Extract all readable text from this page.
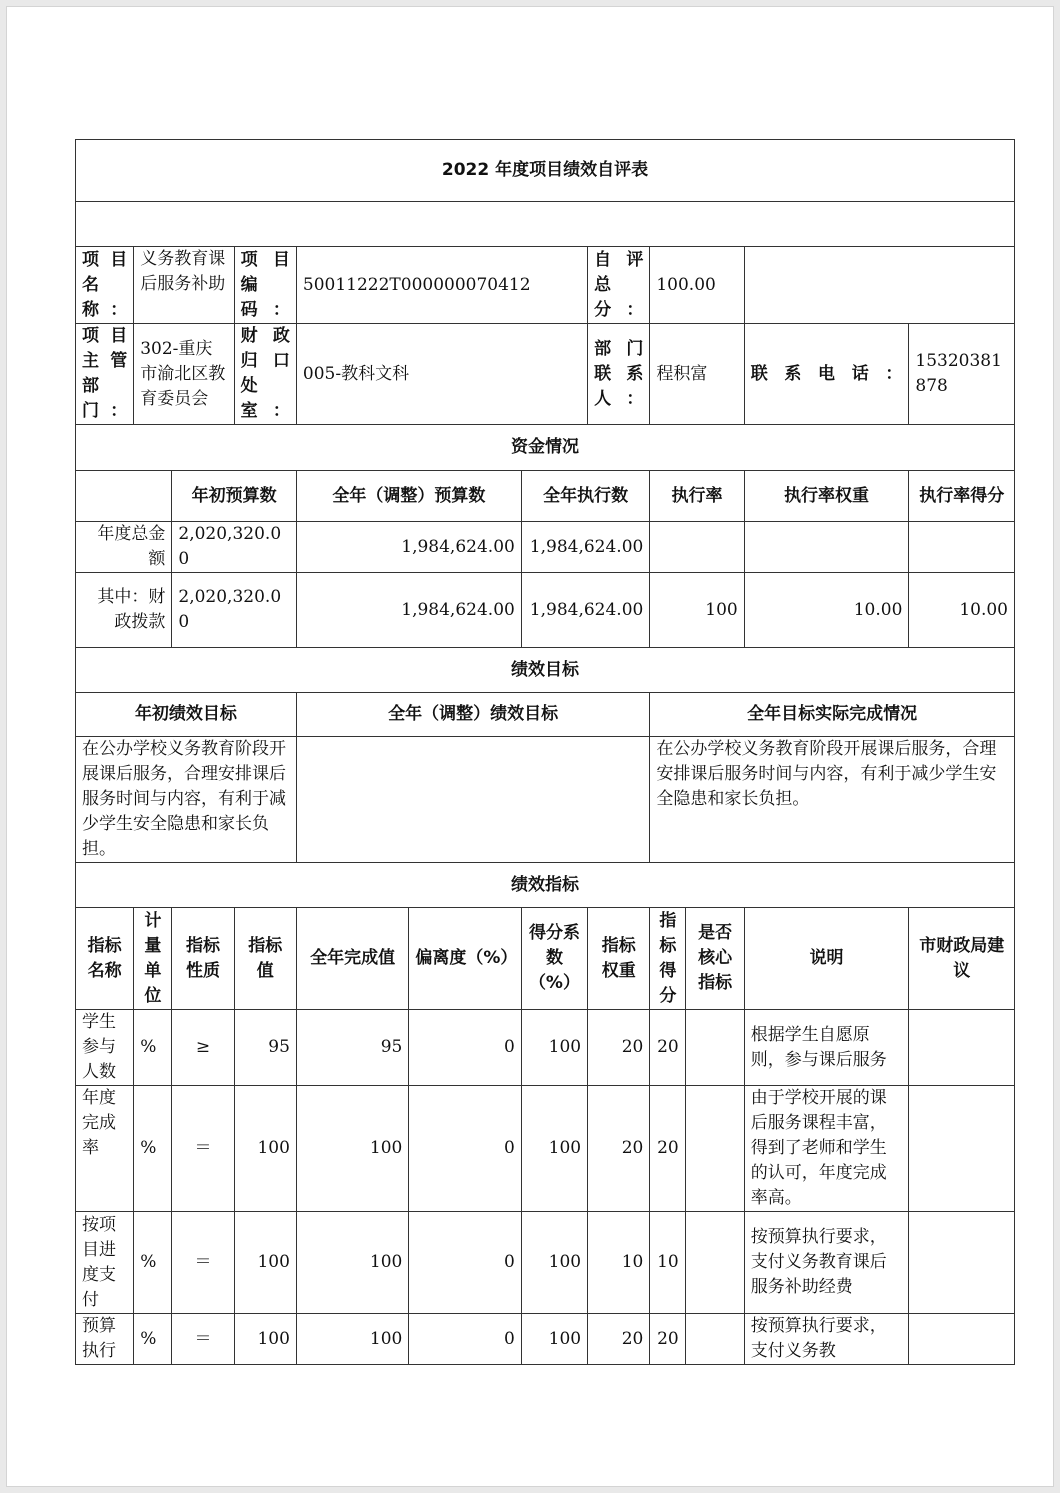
2022 年度项目绩效自评表											

项目名称：	义务教育课后服务补助		项目编码：	50011222T000000070412			自评总分：	100.00			
项目主管部门：	302-重庆市渝北区教育委员会		财政归口处室：	005-教科文科			部门联系人：	程积富		联系电话：	15320381878
资金情况											
		年初预算数		全年（调整）预算数		全年执行数		执行率		执行率权重	执行率得分
年度总金额		2,020,320.00		1,984,624.00		1,984,624.00					
其中：财政拨款		2,020,320.00		1,984,624.00		1,984,624.00		100		10.00	10.00
绩效目标											
年初绩效目标				全年（调整）绩效目标				全年目标实际完成情况			
在公办学校义务教育阶段开展课后服务，合理安排课后服务时间与内容，有利于减少学生安全隐患和家长负担。								在公办学校义务教育阶段开展课后服务，合理安排课后服务时间与内容，有利于减少学生安全隐患和家长负担。			
绩效指标											
指标名称	计量单位	指标性质	指标值	全年完成值	偏离度（%）	得分系数（%）	指标权重	指标得分	是否核心指标	说明	市财政局建议
学生参与人数	%	≥	95	95	0	100	20	20		根据学生自愿原则，参与课后服务	
年度完成率	%	＝	100	100	0	100	20	20		由于学校开展的课后服务课程丰富，得到了老师和学生的认可，年度完成率高。	
按项目进度支付	%	＝	100	100	0	100	10	10		按预算执行要求，支付义务教育课后服务补助经费	
预算执行	%	＝	100	100	0	100	20	20		按预算执行要求，支付义务教	
